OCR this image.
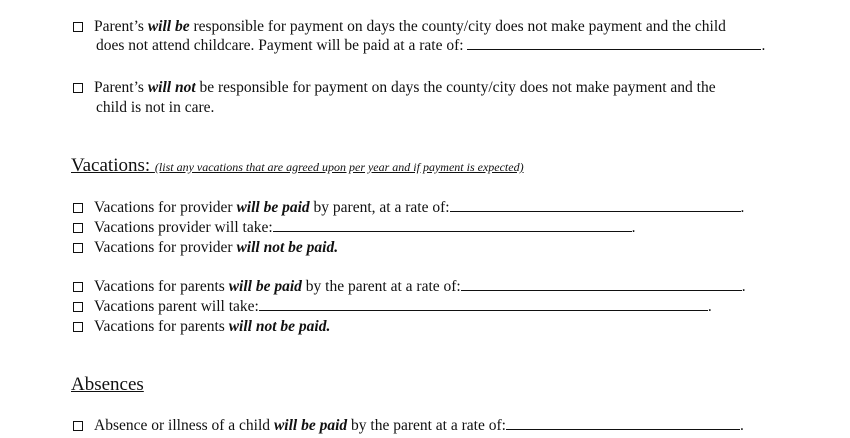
Parent’s will be responsible for payment on days the county/city does not make payment and the child
does not attend childcare. Payment will be paid at a rate of:	.
Parent’s will not be responsible for payment on days the county/city does not make payment and the
child is not in care.
Vacations: (list any vacations that are agreed upon per year and if payment is expected)
Vacations for provider will be paid by parent, at a rate of:	.
Vacations provider will take:	.
Vacations for provider will not be paid.
Vacations for parents will be paid by the parent at a rate of:	.
Vacations parent will take:	.
Vacations for parents will not be paid.
Absences
Absence or illness of a child will be paid by the parent at a rate of:	.
